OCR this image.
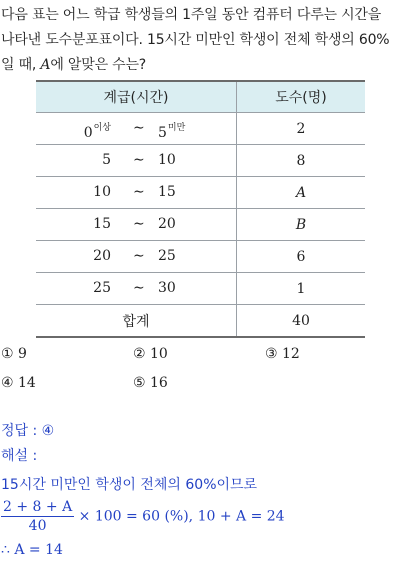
다음 표는 어느 학급 학생들의 1주일 동안 컴퓨터 다루는 시간을
나타낸 도수분포표이다. 15시간 미만인 학생이 전체 학생의 60%
일 때, A에 알맞은 수는?
계급(시간)	도수(명)

$0^{이상}$ ∼ $5^{미만}$	2

5 ∼ 10	8

10 ∼ 15	A

15 ∼ 20	B

20 ∼ 25	6

25 ∼ 30	1
합계	40
① 9	② 10	③ 12
④ 14	⑤ 16
정답 : ④
해설 :
15시간 미만인 학생이 전체의 60%이므로
$\frac{2 + 8 + A}{40} \times 100 = 60$ (%), 10 + A = 24
∴ A = 14
